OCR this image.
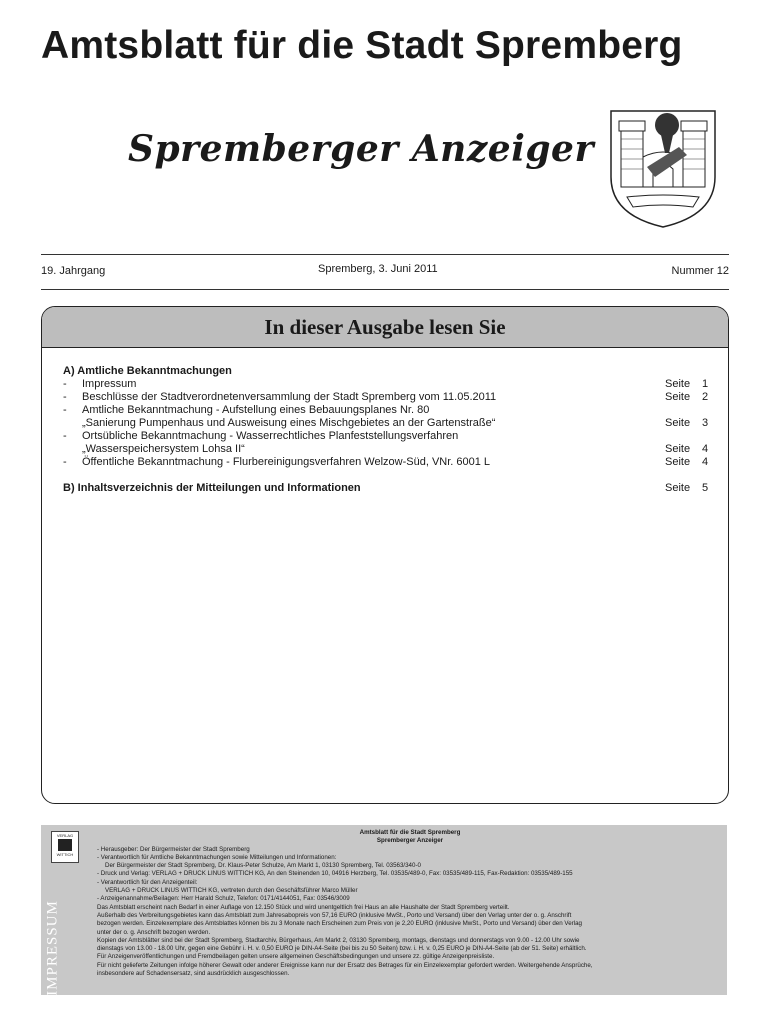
Amtsblatt für die Stadt Spremberg
Spremberger Anzeiger
19. Jahrgang	Spremberg, 3. Juni 2011	Nummer 12
In dieser Ausgabe lesen Sie
A) Amtliche Bekanntmachungen
- Impressum	Seite 1
- Beschlüsse der Stadtverordnetenversammlung der Stadt Spremberg vom 11.05.2011	Seite 2
- Amtliche Bekanntmachung - Aufstellung eines Bebauungsplanes Nr. 80
„Sanierung Pumpenhaus und Ausweisung eines Mischgebietes an der Gartenstraße“	Seite 3
- Ortsübliche Bekanntmachung - Wasserrechtliches Planfeststellungsverfahren
„Wasserspeichersystem Lohsa II“	Seite 4
- Öffentliche Bekanntmachung - Flurbereinigungsverfahren Welzow-Süd, VNr. 6001 L	Seite 4
B) Inhaltsverzeichnis der Mitteilungen und Informationen	Seite 5
VERLAG
WITTICH
IMPRESSUM
Amtsblatt für die Stadt Spremberg
Spremberger Anzeiger
- Herausgeber: Der Bürgermeister der Stadt Spremberg
- Verantwortlich für Amtliche Bekanntmachungen sowie Mitteilungen und Informationen:
Der Bürgermeister der Stadt Spremberg, Dr. Klaus-Peter Schulze, Am Markt 1, 03130 Spremberg, Tel. 03563/340-0
- Druck und Verlag: VERLAG + DRUCK LINUS WITTICH KG, An den Steinenden 10, 04916 Herzberg, Tel. 03535/489-0, Fax: 03535/489-115, Fax-Redaktion: 03535/489-155
- Verantwortlich für den Anzeigenteil:
VERLAG + DRUCK LINUS WITTICH KG, vertreten durch den Geschäftsführer Marco Müller
- Anzeigenannahme/Beilagen: Herr Harald Schulz, Telefon: 0171/4144051, Fax: 03546/3009
Das Amtsblatt erscheint nach Bedarf in einer Auflage von 12.150 Stück und wird unentgeltlich frei Haus an alle Haushalte der Stadt Spremberg verteilt.
Außerhalb des Verbreitungsgebietes kann das Amtsblatt zum Jahresabopreis von 57,16 EURO (inklusive MwSt., Porto und Versand) über den Verlag unter der o. g. Anschrift
bezogen werden. Einzelexemplare des Amtsblattes können bis zu 3 Monate nach Erscheinen zum Preis von je 2,20 EURO (inklusive MwSt., Porto und Versand) über den Verlag
unter der o. g. Anschrift bezogen werden.
Kopien der Amtsblätter sind bei der Stadt Spremberg, Stadtarchiv, Bürgerhaus, Am Markt 2, 03130 Spremberg, montags, dienstags und donnerstags von 9.00 - 12.00 Uhr sowie
dienstags von 13.00 - 18.00 Uhr, gegen eine Gebühr i. H. v. 0,50 EURO je DIN-A4-Seite (bei bis zu 50 Seiten) bzw. i. H. v. 0,25 EURO je DIN-A4-Seite (ab der 51. Seite) erhältlich.
Für Anzeigenveröffentlichungen und Fremdbeilagen gelten unsere allgemeinen Geschäftsbedingungen und unsere zz. gültige Anzeigenpreisliste.
Für nicht gelieferte Zeitungen infolge höherer Gewalt oder anderer Ereignisse kann nur der Ersatz des Betrages für ein Einzelexemplar gefordert werden. Weitergehende Ansprüche,
insbesondere auf Schadensersatz, sind ausdrücklich ausgeschlossen.
